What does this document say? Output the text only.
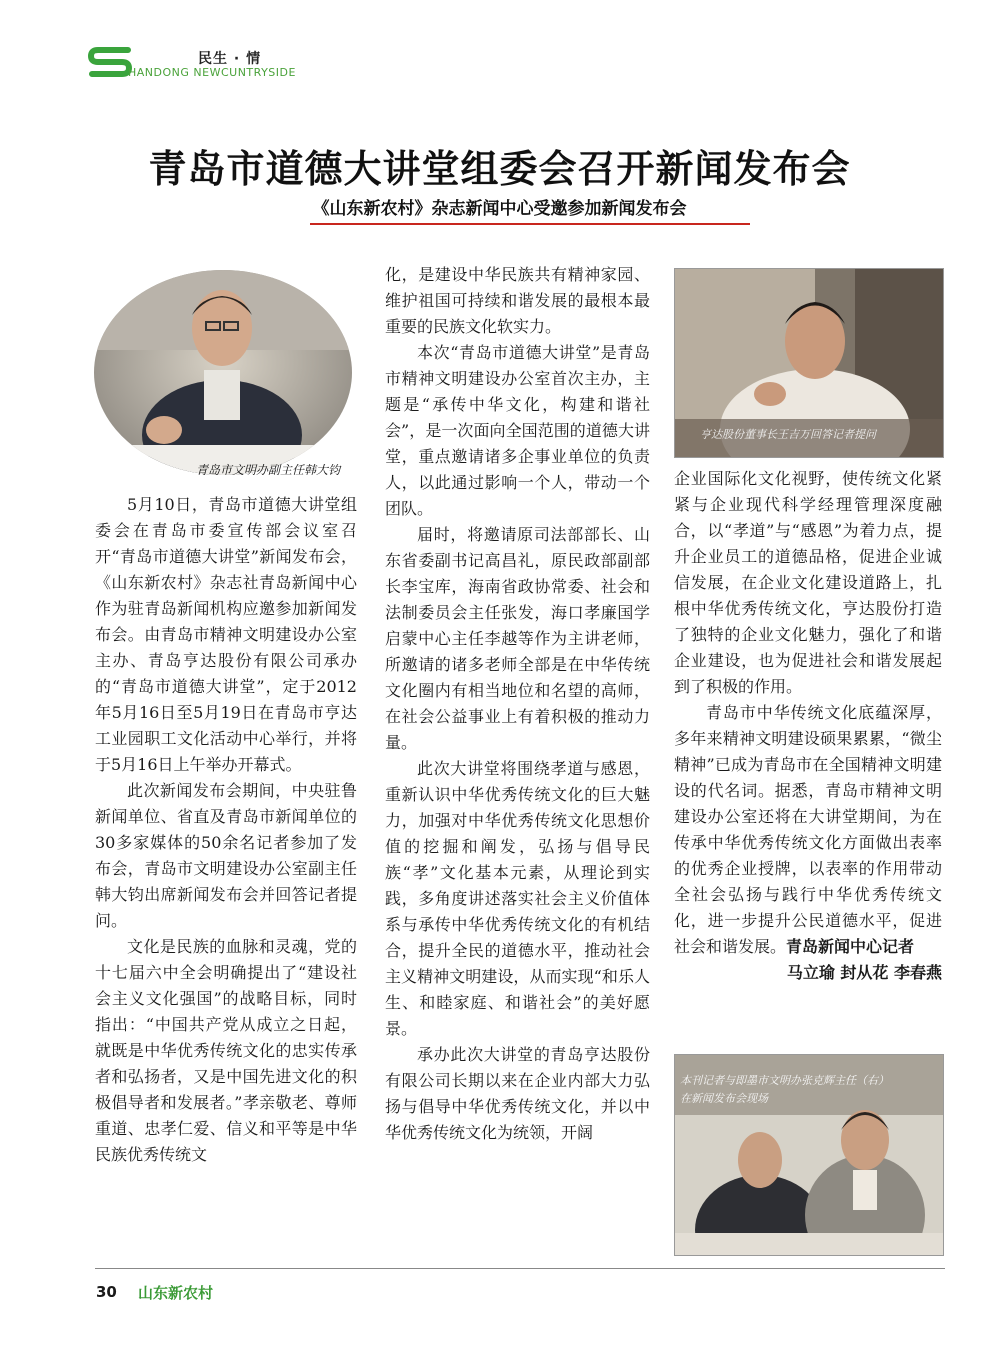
民生 · 情
HANDONG NEWCUNTRYSIDE
青岛市道德大讲堂组委会召开新闻发布会
《山东新农村》杂志新闻中心受邀参加新闻发布会
青岛市文明办副主任韩大钧
亨达股份董事长王吉万回答记者提问
本刊记者与即墨市文明办张克辉主任（右）
在新闻发布会现场

5月10日，青岛市道德大讲堂组委会在青岛市委宣传部会议室召开“青岛市道德大讲堂”新闻发布会，《山东新农村》杂志社青岛新闻中心作为驻青岛新闻机构应邀参加新闻发布会。由青岛市精神文明建设办公室主办、青岛亨达股份有限公司承办的“青岛市道德大讲堂”，定于2012年5月16日至5月19日在青岛市亨达工业园职工文化活动中心举行，并将于5月16日上午举办开幕式。

此次新闻发布会期间，中央驻鲁新闻单位、省直及青岛市新闻单位的30多家媒体的50余名记者参加了发布会，青岛市文明建设办公室副主任韩大钧出席新闻发布会并回答记者提问。

文化是民族的血脉和灵魂，党的十七届六中全会明确提出了“建设社会主义文化强国”的战略目标，同时指出：“中国共产党从成立之日起，就既是中华优秀传统文化的忠实传承者和弘扬者，又是中国先进文化的积极倡导者和发展者。”孝亲敬老、尊师重道、忠孝仁爱、信义和平等是中华民族优秀传统文

化，是建设中华民族共有精神家园、维护祖国可持续和谐发展的最根本最重要的民族文化软实力。

本次“青岛市道德大讲堂”是青岛市精神文明建设办公室首次主办，主题是“承传中华文化，构建和谐社会”，是一次面向全国范围的道德大讲堂，重点邀请诸多企事业单位的负责人，以此通过影响一个人，带动一个团队。

届时，将邀请原司法部部长、山东省委副书记高昌礼，原民政部副部长李宝库，海南省政协常委、社会和法制委员会主任张发，海口孝廉国学启蒙中心主任李越等作为主讲老师，所邀请的诸多老师全部是在中华传统文化圈内有相当地位和名望的高师，在社会公益事业上有着积极的推动力量。

此次大讲堂将围绕孝道与感恩，重新认识中华优秀传统文化的巨大魅力，加强对中华优秀传统文化思想价值的挖掘和阐发，弘扬与倡导民族“孝”文化基本元素，从理论到实践，多角度讲述落实社会主义价值体系与承传中华优秀传统文化的有机结合，提升全民的道德水平，推动社会主义精神文明建设，从而实现“和乐人生、和睦家庭、和谐社会”的美好愿景。

承办此次大讲堂的青岛亨达股份有限公司长期以来在企业内部大力弘扬与倡导中华优秀传统文化，并以中华优秀传统文化为统领，开阔

企业国际化文化视野，使传统文化紧紧与企业现代科学经理管理深度融合，以“孝道”与“感恩”为着力点，提升企业员工的道德品格，促进企业诚信发展，在企业文化建设道路上，扎根中华优秀传统文化，亨达股份打造了独特的企业文化魅力，强化了和谐企业建设，也为促进社会和谐发展起到了积极的作用。

青岛市中华传统文化底蕴深厚，多年来精神文明建设硕果累累，“微尘精神”已成为青岛市在全国精神文明建设的代名词。据悉，青岛市精神文明建设办公室还将在大讲堂期间，为在传承中华优秀传统文化方面做出表率的优秀企业授牌，以表率的作用带动全社会弘扬与践行中华优秀传统文化，进一步提升公民道德水平，促进社会和谐发展。青岛新闻中心记者

马立瑜 封从花 李春燕

30 山东新农村
